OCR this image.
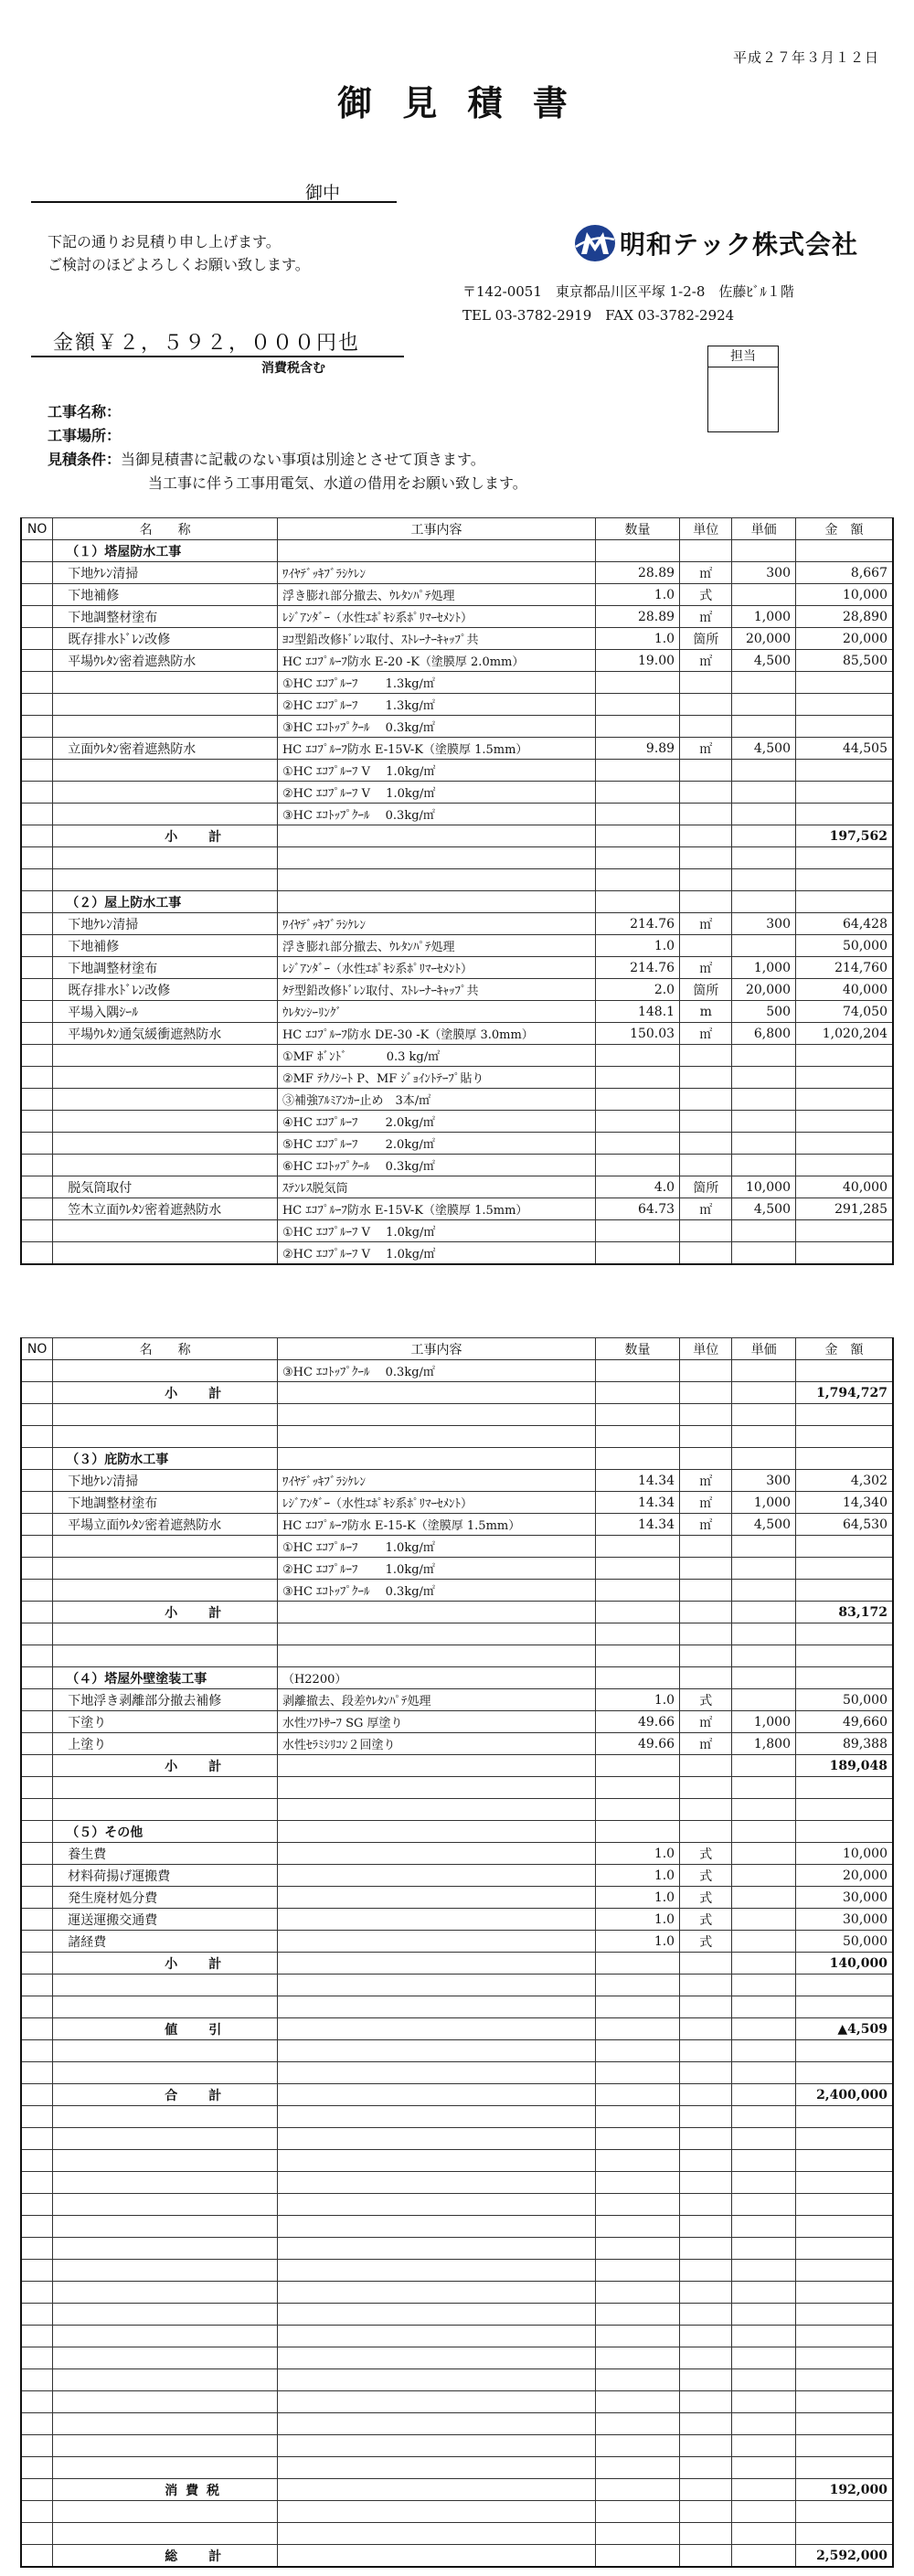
平成２７年３月１２日
御 見 積 書
御中
下記の通りお見積り申し上げます。
ご検討のほどよろしくお願い致します。
明和テック株式会社
〒142-0051　東京都品川区平塚 1-2-8　佐藤ﾋﾞﾙ１階
TEL 03-3782-2919　FAX 03-3782-2924
金額￥２，５９２，０００円也
消費税含む
担当
工事名称：
工事場所：
見積条件：当御見積書に記載のない事項は別途とさせて頂きます。
当工事に伴う工事用電気、水道の借用をお願い致します。
NO	名　　称	工事内容	数量	単位	単価	金　額
	（１）塔屋防水工事					
	下地ｹﾚﾝ清掃	ﾜｲﾔﾃﾞｯｷﾌﾞﾗｼｹﾚﾝ	28.89	㎡	300	8,667
	下地補修	浮き膨れ部分撤去、ｳﾚﾀﾝﾊﾟﾃ処理	1.0	式		10,000
	下地調整材塗布	ﾚｼﾞｱﾝﾀﾞｰ（水性ｴﾎﾟｷｼ系ﾎﾟﾘﾏｰｾﾒﾝﾄ）	28.89	㎡	1,000	28,890
	既存排水ﾄﾞﾚﾝ改修	ﾖｺ型鉛改修ﾄﾞﾚﾝ取付、ｽﾄﾚｰﾅｰｷｬｯﾌﾟ共	1.0	箇所	20,000	20,000
	平場ｳﾚﾀﾝ密着遮熱防水	HC ｴｺﾌﾟﾙｰﾌ防水 E-20 -K（塗膜厚 2.0mm）	19.00	㎡	4,500	85,500
		①HC ｴｺﾌﾟﾙｰﾌ　　 1.3kg/㎡				
		②HC ｴｺﾌﾟﾙｰﾌ　　 1.3kg/㎡				
		③HC ｴｺﾄｯﾌﾟｸｰﾙ　 0.3kg/㎡				
	立面ｳﾚﾀﾝ密着遮熱防水	HC ｴｺﾌﾟﾙｰﾌ防水 E-15V-K（塗膜厚 1.5mm）	9.89	㎡	4,500	44,505
		①HC ｴｺﾌﾟﾙｰﾌ V　 1.0kg/㎡				
		②HC ｴｺﾌﾟﾙｰﾌ V　 1.0kg/㎡				
		③HC ｴｺﾄｯﾌﾟｸｰﾙ　 0.3kg/㎡				
	小　　計					197,562

	（２）屋上防水工事					
	下地ｹﾚﾝ清掃	ﾜｲﾔﾃﾞｯｷﾌﾞﾗｼｹﾚﾝ	214.76	㎡	300	64,428
	下地補修	浮き膨れ部分撤去、ｳﾚﾀﾝﾊﾟﾃ処理	1.0			50,000
	下地調整材塗布	ﾚｼﾞｱﾝﾀﾞｰ（水性ｴﾎﾟｷｼ系ﾎﾟﾘﾏｰｾﾒﾝﾄ）	214.76	㎡	1,000	214,760
	既存排水ﾄﾞﾚﾝ改修	ﾀﾃ型鉛改修ﾄﾞﾚﾝ取付、ｽﾄﾚｰﾅｰｷｬｯﾌﾟ共	2.0	箇所	20,000	40,000
	平場入隅ｼｰﾙ	ｳﾚﾀﾝｼｰﾘﾝｸﾞ	148.1	m	500	74,050
	平場ｳﾚﾀﾝ通気緩衝遮熱防水	HC ｴｺﾌﾟﾙｰﾌ防水 DE-30 -K（塗膜厚 3.0mm）	150.03	㎡	6,800	1,020,204
		①MF ﾎﾞﾝﾄﾞ　　　 0.3 kg/㎡				
		②MF ﾃｸﾉｼｰﾄ P、MF ｼﾞｮｲﾝﾄﾃｰﾌﾟ貼り				
		③補強ｱﾙﾐｱﾝｶｰ止め　3本/㎡				
		④HC ｴｺﾌﾟﾙｰﾌ　　 2.0kg/㎡				
		⑤HC ｴｺﾌﾟﾙｰﾌ　　 2.0kg/㎡				
		⑥HC ｴｺﾄｯﾌﾟｸｰﾙ　 0.3kg/㎡				
	脱気筒取付	ｽﾃﾝﾚｽ脱気筒	4.0	箇所	10,000	40,000
	笠木立面ｳﾚﾀﾝ密着遮熱防水	HC ｴｺﾌﾟﾙｰﾌ防水 E-15V-K（塗膜厚 1.5mm）	64.73	㎡	4,500	291,285
		①HC ｴｺﾌﾟﾙｰﾌ V　 1.0kg/㎡				
		②HC ｴｺﾌﾟﾙｰﾌ V　 1.0kg/㎡				
NO	名　　称	工事内容	数量	単位	単価	金　額
		③HC ｴｺﾄｯﾌﾟｸｰﾙ　 0.3kg/㎡				
	小　　計					1,794,727

	（３）庇防水工事					
	下地ｹﾚﾝ清掃	ﾜｲﾔﾃﾞｯｷﾌﾞﾗｼｹﾚﾝ	14.34	㎡	300	4,302
	下地調整材塗布	ﾚｼﾞｱﾝﾀﾞｰ（水性ｴﾎﾟｷｼ系ﾎﾟﾘﾏｰｾﾒﾝﾄ）	14.34	㎡	1,000	14,340
	平場立面ｳﾚﾀﾝ密着遮熱防水	HC ｴｺﾌﾟﾙｰﾌ防水 E-15-K（塗膜厚 1.5mm）	14.34	㎡	4,500	64,530
		①HC ｴｺﾌﾟﾙｰﾌ　　 1.0kg/㎡				
		②HC ｴｺﾌﾟﾙｰﾌ　　 1.0kg/㎡				
		③HC ｴｺﾄｯﾌﾟｸｰﾙ　 0.3kg/㎡				
	小　　計					83,172

	（４）塔屋外壁塗装工事	（H2200）				
	下地浮き剥離部分撤去補修	剥離撤去、段差ｳﾚﾀﾝﾊﾟﾃ処理	1.0	式		50,000
	下塗り	水性ｿﾌﾄｻｰﾌ SG 厚塗り	49.66	㎡	1,000	49,660
	上塗り	水性ｾﾗﾐｼﾘｺﾝ２回塗り	49.66	㎡	1,800	89,388
	小　　計					189,048

	（５）その他					
	養生費		1.0	式		10,000
	材料荷揚げ運搬費		1.0	式		20,000
	発生廃材処分費		1.0	式		30,000
	運送運搬交通費		1.0	式		30,000
	諸経費		1.0	式		50,000
	小　　計					140,000

	値　　引					▲4,509

	合　　計					2,400,000

	消 費 税					192,000

	総　　計					2,592,000
